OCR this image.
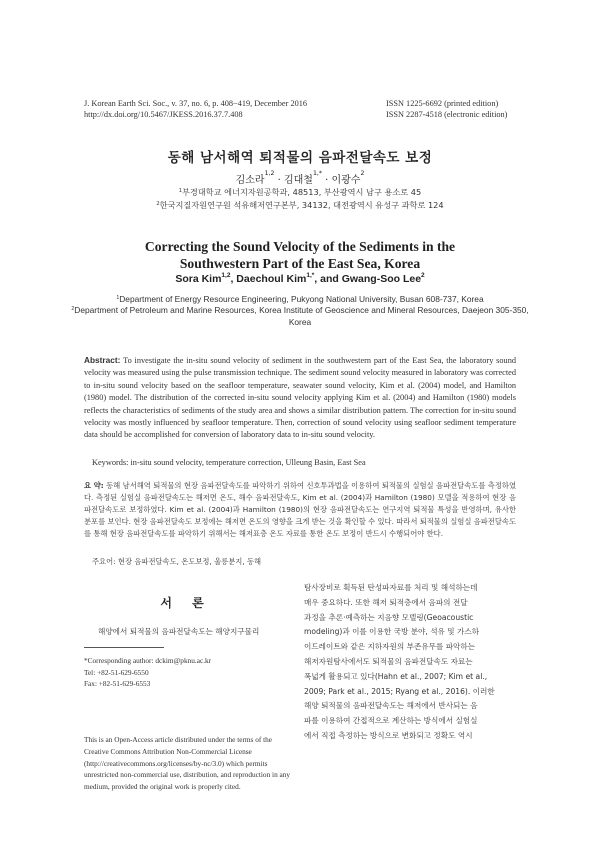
J. Korean Earth Sci. Soc., v. 37, no. 6, p. 408−419, December 2016
http://dx.doi.org/10.5467/JKESS.2016.37.7.408
ISSN 1225-6692 (printed edition)
ISSN 2287-4518 (electronic edition)
동해 남서해역 퇴적물의 음파전달속도 보정
김소라$^{1,2}$ · 김대철$^{1,*}$ · 이광수$^2$
$^1$부경대학교 에너지자원공학과, 48513, 부산광역시 남구 용소로 45
$^2$한국지질자원연구원 석유해저연구본부, 34132, 대전광역시 유성구 과학로 124
Correcting the Sound Velocity of the Sediments in the
Southwestern Part of the East Sea, Korea
Sora Kim$^{1,2}$, Daechoul Kim$^{1,*}$, and Gwang-Soo Lee$^2$
$^1$Department of Energy Resource Engineering, Pukyong National University, Busan 608-737, Korea
$^2$Department of Petroleum and Marine Resources, Korea Institute of Geoscience and Mineral Resources, Daejeon 305-350, Korea
Abstract: To investigate the in-situ sound velocity of sediment in the southwestern part of the East Sea, the laboratory sound velocity was measured using the pulse transmission technique. The sediment sound velocity measured in laboratory was corrected to in-situ sound velocity based on the seafloor temperature, seawater sound velocity, Kim et al. (2004) model, and Hamilton (1980) model. The distribution of the corrected in-situ sound velocity applying Kim et al. (2004) and Hamilton (1980) models reflects the characteristics of sediments of the study area and shows a similar distribution pattern. The correction for in-situ sound velocity was mostly influenced by seafloor temperature. Then, correction of sound velocity using seafloor sediment temperature data should be accomplished for conversion of laboratory data to in-situ sound velocity.
Keywords: in-situ sound velocity, temperature correction, Ulleung Basin, East Sea
요 약: 동해 남서해역 퇴적물의 현장 음파전달속도를 파악하기 위하여 신호투과법을 이용하여 퇴적물의 실험실 음파전달속도를 측정하였다. 측정된 실험실 음파전달속도는 해저면 온도, 해수 음파전달속도, Kim et al. (2004)과 Hamilton (1980) 모델을 적용하여 현장 음파전달속도로 보정하였다. Kim et al. (2004)과 Hamilton (1980)의 현장 음파전달속도는 연구지역 퇴적물 특성을 반영하며, 유사한 분포를 보인다. 현장 음파전달속도 보정에는 해저면 온도의 영향을 크게 받는 것을 확인할 수 있다. 따라서 퇴적물의 실험실 음파전달속도를 통해 현장 음파전달속도를 파악하기 위해서는 해저표층 온도 자료를 통한 온도 보정이 반드시 수행되어야 한다.
주요어: 현장 음파전달속도, 온도보정, 울릉분지, 동해
서 론
해양에서 퇴적물의 음파전달속도는 해양지구물리
*Corresponding author: dckim@pknu.ac.kr
Tel: +82-51-629-6550
Fax: +82-51-629-6553
This is an Open-Access article distributed under the terms of the Creative Commons Attribution Non-Commercial License (http://creativecommons.org/licenses/by-nc/3.0) which permits unrestricted non-commercial use, distribution, and reproduction in any medium, provided the original work is properly cited.
탐사장비로 획득된 탄성파자료를 처리 및 해석하는데
매우 중요하다. 또한 해저 퇴적층에서 음파의 전달
과정을 추론·예측하는 지음향 모델링(Geoacoustic
modeling)과 이를 이용한 국방 분야, 석유 및 가스하
이드레이트와 같은 지하자원의 부존유무를 파악하는
해저자원탐사에서도 퇴적물의 음파전달속도 자료는
폭넓게 활용되고 있다(Hahn et al., 2007; Kim et al.,
2009; Park et al., 2015; Ryang et al., 2016). 이러한
해양 퇴적물의 음파전달속도는 해저에서 반사되는 음
파를 이용하여 간접적으로 계산하는 방식에서 실험실
에서 직접 측정하는 방식으로 변화되고 정확도 역시
